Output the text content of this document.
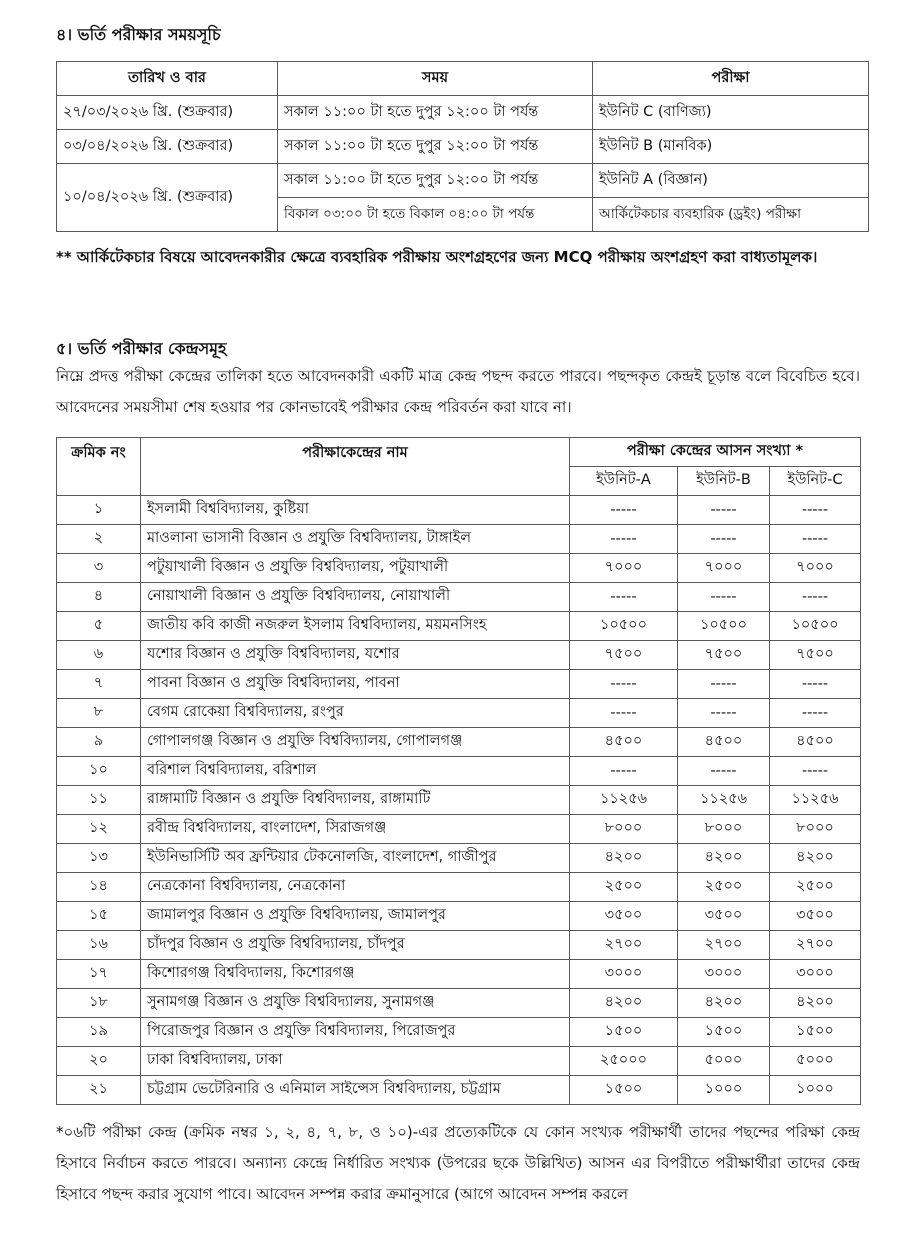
৪। ভর্তি পরীক্ষার সময়সূচি
তারিখ ও বার	সময়	পরীক্ষা
২৭/০৩/২০২৬ খ্রি. (শুক্রবার)	সকাল ১১:০০ টা হতে দুপুর ১২:০০ টা পর্যন্ত	ইউনিট C (বাণিজ্য)
০৩/০৪/২০২৬ খ্রি. (শুক্রবার)	সকাল ১১:০০ টা হতে দুপুর ১২:০০ টা পর্যন্ত	ইউনিট B (মানবিক)
১০/০৪/২০২৬ খ্রি. (শুক্রবার)	সকাল ১১:০০ টা হতে দুপুর ১২:০০ টা পর্যন্ত	ইউনিট A (বিজ্ঞান)
	বিকাল ০৩:০০ টা হতে বিকাল ০৪:০০ টা পর্যন্ত	আর্কিটেকচার ব্যবহারিক (ড্রইং) পরীক্ষা
** আর্কিটেকচার বিষয়ে আবেদনকারীর ক্ষেত্রে ব্যবহারিক পরীক্ষায় অংশগ্রহণের জন্য MCQ পরীক্ষায় অংশগ্রহণ করা বাধ্যতামূলক।
৫। ভর্তি পরীক্ষার কেন্দ্রসমূহ
নিম্নে প্রদত্ত পরীক্ষা কেন্দ্রের তালিকা হতে আবেদনকারী একটি মাত্র কেন্দ্র পছন্দ করতে পারবে। পছন্দকৃত কেন্দ্রই চূড়ান্ত বলে বিবেচিত হবে। আবেদনের সময়সীমা শেষ হওয়ার পর কোনভাবেই পরীক্ষার কেন্দ্র পরিবর্তন করা যাবে না।
ক্রমিক নং	পরীক্ষাকেন্দ্রের নাম	পরীক্ষা কেন্দ্রের আসন সংখ্যা *		
		ইউনিট-A	ইউনিট-B	ইউনিট-C
১	ইসলামী বিশ্ববিদ্যালয়, কুষ্টিয়া	-----	-----	-----
২	মাওলানা ভাসানী বিজ্ঞান ও প্রযুক্তি বিশ্ববিদ্যালয়, টাঙ্গাইল	-----	-----	-----
৩	পটুয়াখালী বিজ্ঞান ও প্রযুক্তি বিশ্ববিদ্যালয়, পটুয়াখালী	৭০০০	৭০০০	৭০০০
৪	নোয়াখালী বিজ্ঞান ও প্রযুক্তি বিশ্ববিদ্যালয়, নোয়াখালী	-----	-----	-----
৫	জাতীয় কবি কাজী নজরুল ইসলাম বিশ্ববিদ্যালয়, ময়মনসিংহ	১০৫০০	১০৫০০	১০৫০০
৬	যশোর বিজ্ঞান ও প্রযুক্তি বিশ্ববিদ্যালয়, যশোর	৭৫০০	৭৫০০	৭৫০০
৭	পাবনা বিজ্ঞান ও প্রযুক্তি বিশ্ববিদ্যালয়, পাবনা	-----	-----	-----
৮	বেগম রোকেয়া বিশ্ববিদ্যালয়, রংপুর	-----	-----	-----
৯	গোপালগঞ্জ বিজ্ঞান ও প্রযুক্তি বিশ্ববিদ্যালয়, গোপালগঞ্জ	৪৫০০	৪৫০০	৪৫০০
১০	বরিশাল বিশ্ববিদ্যালয়, বরিশাল	-----	-----	-----
১১	রাঙ্গামাটি বিজ্ঞান ও প্রযুক্তি বিশ্ববিদ্যালয়, রাঙ্গামাটি	১১২৫৬	১১২৫৬	১১২৫৬
১২	রবীন্দ্র বিশ্ববিদ্যালয়, বাংলাদেশ, সিরাজগঞ্জ	৮০০০	৮০০০	৮০০০
১৩	ইউনিভার্সিটি অব ফ্রন্টিয়ার টেকনোলজি, বাংলাদেশ, গাজীপুর	৪২০০	৪২০০	৪২০০
১৪	নেত্রকোনা বিশ্ববিদ্যালয়, নেত্রকোনা	২৫০০	২৫০০	২৫০০
১৫	জামালপুর বিজ্ঞান ও প্রযুক্তি বিশ্ববিদ্যালয়, জামালপুর	৩৫০০	৩৫০০	৩৫০০
১৬	চাঁদপুর বিজ্ঞান ও প্রযুক্তি বিশ্ববিদ্যালয়, চাঁদপুর	২৭০০	২৭০০	২৭০০
১৭	কিশোরগঞ্জ বিশ্ববিদ্যালয়, কিশোরগঞ্জ	৩০০০	৩০০০	৩০০০
১৮	সুনামগঞ্জ বিজ্ঞান ও প্রযুক্তি বিশ্ববিদ্যালয়, সুনামগঞ্জ	৪২০০	৪২০০	৪২০০
১৯	পিরোজপুর বিজ্ঞান ও প্রযুক্তি বিশ্ববিদ্যালয়, পিরোজপুর	১৫০০	১৫০০	১৫০০
২০	ঢাকা বিশ্ববিদ্যালয়, ঢাকা	২৫০০০	৫০০০	৫০০০
২১	চট্টগ্রাম ভেটেরিনারি ও এনিমাল সাইন্সেস বিশ্ববিদ্যালয়, চট্টগ্রাম	১৫০০	১০০০	১০০০
*০৬টি পরীক্ষা কেন্দ্র (ক্রমিক নম্বর ১, ২, ৪, ৭, ৮, ও ১০)-এর প্রত্যেকটিকে যে কোন সংখ্যক পরীক্ষার্থী তাদের পছন্দের পরিক্ষা কেন্দ্র হিসাবে নির্বাচন করতে পারবে। অন্যান্য কেন্দ্রে নির্ধারিত সংখ্যক (উপরের ছকে উল্লিখিত) আসন এর বিপরীতে পরীক্ষার্থীরা তাদের কেন্দ্র হিসাবে পছন্দ করার সুযোগ পাবে। আবেদন সম্পন্ন করার ক্রমানুসারে (আগে আবেদন সম্পন্ন করলে
